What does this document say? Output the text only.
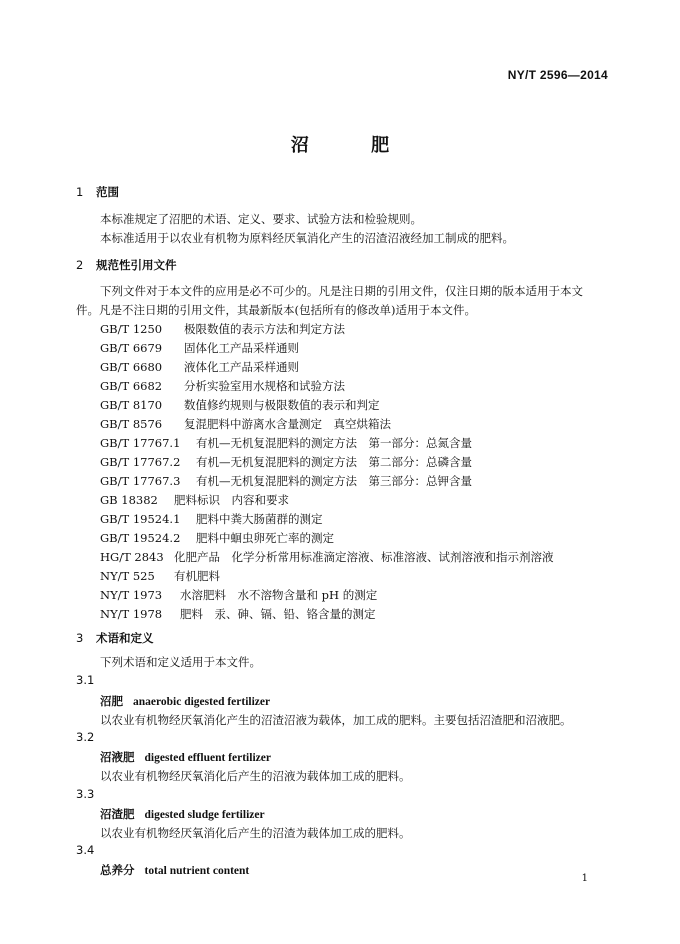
NY/T 2596—2014
沼 肥
1 范围
本标准规定了沼肥的术语、定义、要求、试验方法和检验规则。
本标准适用于以农业有机物为原料经厌氧消化产生的沼渣沼液经加工制成的肥料。
2 规范性引用文件
下列文件对于本文件的应用是必不可少的。凡是注日期的引用文件，仅注日期的版本适用于本文
件。凡是不注日期的引用文件，其最新版本(包括所有的修改单)适用于本文件。
GB/T 1250 极限数值的表示方法和判定方法
GB/T 6679 固体化工产品采样通则
GB/T 6680 液体化工产品采样通则
GB/T 6682 分析实验室用水规格和试验方法
GB/T 8170 数值修约规则与极限数值的表示和判定
GB/T 8576 复混肥料中游离水含量测定　真空烘箱法
GB/T 17767.1 有机—无机复混肥料的测定方法　第一部分：总氮含量
GB/T 17767.2 有机—无机复混肥料的测定方法　第二部分：总磷含量
GB/T 17767.3 有机—无机复混肥料的测定方法　第三部分：总钾含量
GB 18382 肥料标识　内容和要求
GB/T 19524.1 肥料中粪大肠菌群的测定
GB/T 19524.2 肥料中蛔虫卵死亡率的测定
HG/T 2843 化肥产品　化学分析常用标准滴定溶液、标准溶液、试剂溶液和指示剂溶液
NY/T 525 有机肥料
NY/T 1973 水溶肥料　水不溶物含量和 pH 的测定
NY/T 1978 肥料　汞、砷、镉、铅、铬含量的测定
3 术语和定义
下列术语和定义适用于本文件。
3.1
沼肥 anaerobic digested fertilizer
以农业有机物经厌氧消化产生的沼渣沼液为载体，加工成的肥料。主要包括沼渣肥和沼液肥。
3.2
沼液肥 digested effluent fertilizer
以农业有机物经厌氧消化后产生的沼液为载体加工成的肥料。
3.3
沼渣肥 digested sludge fertilizer
以农业有机物经厌氧消化后产生的沼渣为载体加工成的肥料。
3.4
总养分 total nutrient content
1
